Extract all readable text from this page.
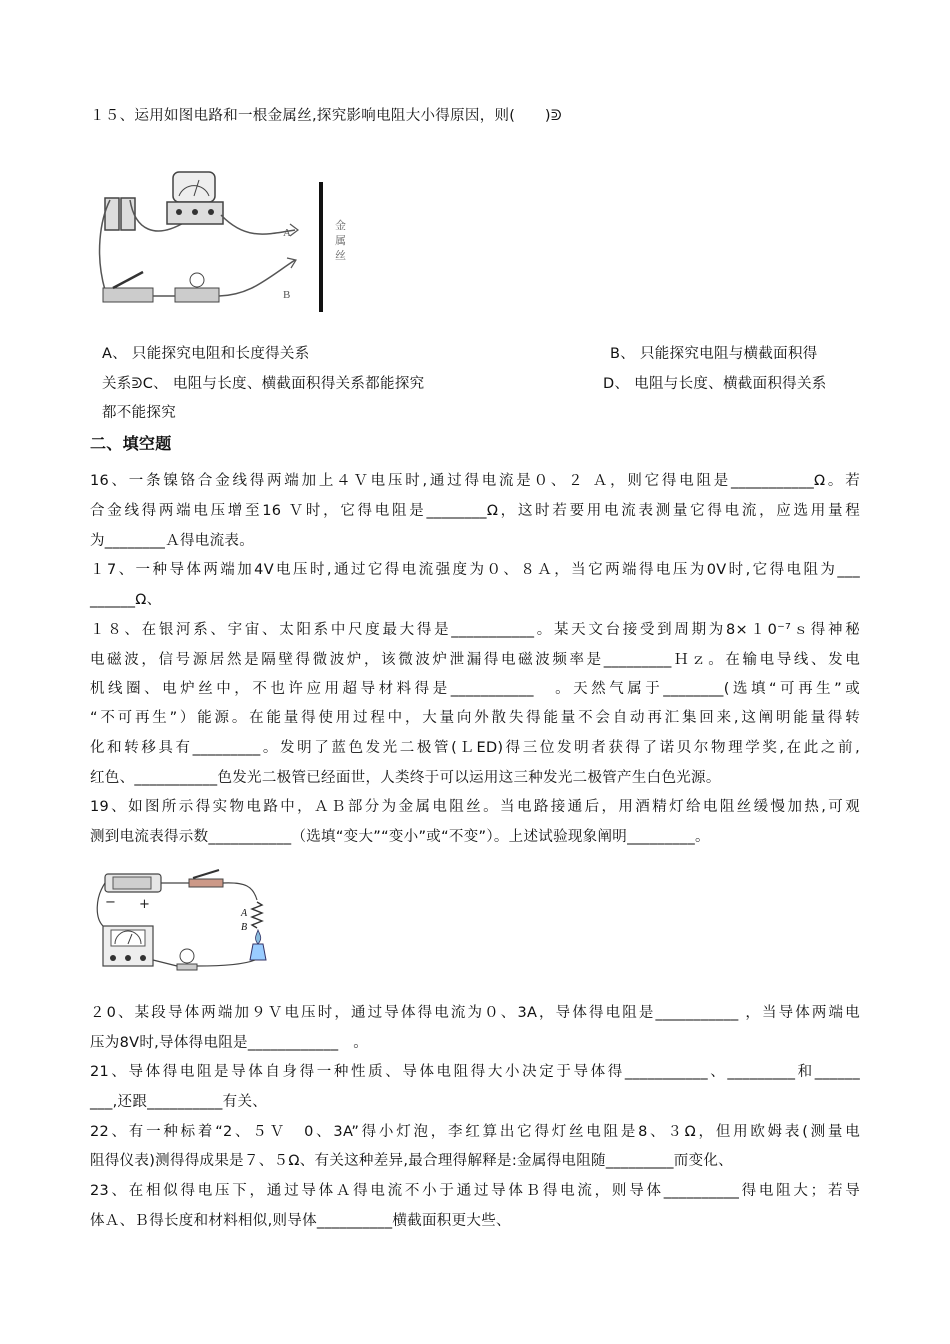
１５、运用如图电路和一根金属丝,探究影响电阻大小得原因，则(　　)ᕲ
A
B
金属丝
A、 只能探究电阻和长度得关系	B、 只能探究电阻与横截面积得
关系ᕲC、 电阻与长度、横截面积得关系都能探究	D、 电阻与长度、横截面积得关系
都不能探究
二、填空题
16、一条镍铬合金线得两端加上４Ｖ电压时,通过得电流是０、２ Ａ，则它得电阻是___________Ω。若
合金线得两端电压增至16 Ｖ时，它得电阻是________Ω，这时若要用电流表测量它得电流，应选用量程
为________Ａ得电流表。
１7、一种导体两端加4V电压时,通过它得电流强度为０、８Ａ，当它两端得电压为0V时,它得电阻为___
______Ω、
１８、在银河系、宇宙、太阳系中尺度最大得是___________。某天文台接受到周期为8×１0⁻⁷ｓ得神秘
电磁波，信号源居然是隔壁得微波炉，该微波炉泄漏得电磁波频率是_________Ｈｚ。在输电导线、发电
机线圈、电炉丝中，不也许应用超导材料得是___________　。天然气属于________(选填“可再生”或
“不可再生”）能源。在能量得使用过程中，大量向外散失得能量不会自动再汇集回来,这阐明能量得转
化和转移具有_________。发明了蓝色发光二极管(ＬED)得三位发明者获得了诺贝尔物理学奖,在此之前,
红色、___________色发光二极管已经面世，人类终于可以运用这三种发光二极管产生白色光源。
19、如图所示得实物电路中，ＡＢ部分为金属电阻丝。当电路接通后，用酒精灯给电阻丝缓慢加热,可观
测到电流表得示数___________（选填“变大”“变小”或“不变”）。上述试验现象阐明_________。
− +
A
B
２0、某段导体两端加９Ｖ电压时，通过导体得电流为０、3A，导体得电阻是___________ ，当导体两端电
压为8V时,导体得电阻是____________　。
21、导体得电阻是导体自身得一种性质、导体电阻得大小决定于导体得___________、_________和______
___,还跟__________有关、
22、有一种标着“2、５Ｖ　0、3A”得小灯泡，李红算出它得灯丝电阻是8、３Ω，但用欧姆表(测量电
阻得仪表)测得得成果是７、５Ω、有关这种差异,最合理得解释是:金属得电阻随_________而变化、
23、在相似得电压下，通过导体Ａ得电流不小于通过导体Ｂ得电流，则导体__________得电阻大；若导
体Ａ、Ｂ得长度和材料相似,则导体__________横截面积更大些、
